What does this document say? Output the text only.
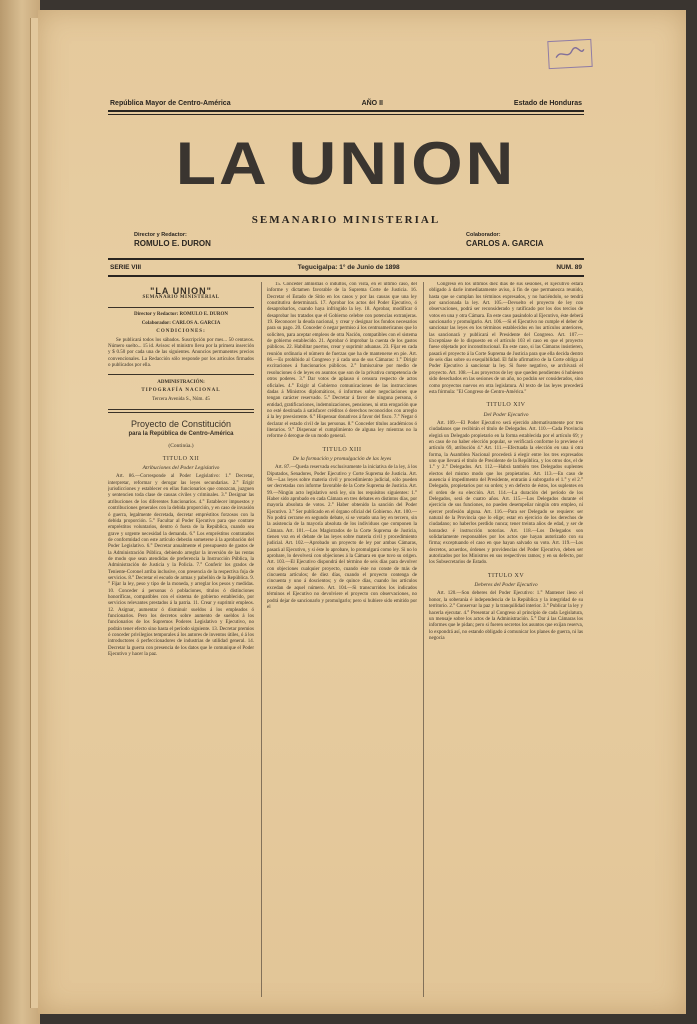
República Mayor de Centro-América	AÑO II	Estado de Honduras
LA UNION
SEMANARIO MINISTERIAL
Director y Redactor:
ROMULO E. DURON
Colaborador:
CARLOS A. GARCIA
SERIE VIII	Tegucigalpa: 1° de Junio de 1898	NUM. 89
"LA UNION"
SEMANARIO MINISTERIAL
Director y Redactor: ROMULO E. DURON
Colaborador: CARLOS A. GARCIA
CONDICIONES:

Se publicará todos los sábados. Suscripción por mes... 50 centavos. Número suelto... 15 id. Avisos: el ministro lleva por la primera inserción y $ 0.50 por cada una de las siguientes. Anuncios permanentes precios convencionales. La Redacción sólo responde por los artículos firmados o publicados por ella.

ADMINISTRACIÓN:
TIPOGRAFÍA NACIONAL
Tercera Avenida S., Núm. 45
Proyecto de Constitución
para la República de Centro-América
(Continúa.)
TITULO XII
Atribuciones del Poder Legislativo

Art. 86.—Corresponde al Poder Legislativo: 1.° Decretar, interpretar, reformar y derogar las leyes secundarias. 2.° Erigir jurisdicciones y establecer en ellas funcionarios que conozcan, juzguen y sentencien toda clase de causas civiles y criminales. 3.° Designar las atribuciones de los diferentes funcionarios. 4.° Establecer impuestos y contribuciones generales con la debida proporción, y en caso de invasión ó guerra, legalmente decretada, decretar empréstitos forzosos con la debida proporción. 5.° Facultar al Poder Ejecutivo para que contrate empréstitos voluntarios, dentro ó fuera de la República, cuando sea grave y urgente necesidad la demanda. 6.° Los empréstitos contratados de conformidad con este artículo deberán someterse á la aprobación del Poder Legislativo. 6.° Decretar anualmente el presupuesto de gastos de la Administración Pública, debiendo arreglar la inversión de las rentas de modo que sean atendidas de preferencia la Instrucción Pública, la Administración de Justicia y la Policía. 7.° Conferir los grados de Teniente-Coronel arriba inclusive, con presencia de la respectiva foja de servicios. 8.° Decretar el escudo de armas y pabellón de la República. 9.° Fijar la ley, peso y tipo de la moneda, y arreglar los pesos y medidas. 10. Conceder á personas ó poblaciones, títulos ó distinciones honoríficas, compatibles con el sistema de gobierno establecido, por servicios relevantes prestados á la patria. 11. Crear y suprimir empleos. 12. Asignar, aumentar ó disminuir sueldos á los empleados ó funcionarios. Pero los decretos sobre aumento de sueldos á los funcionarios de los Supremos Poderes Legislativo y Ejecutivo, no podrán tener efecto sino hasta el período siguiente. 13. Decretar premios ó conceder privilegios temporales á los autores de inventos útiles, ó á los introductores ó perfeccionadores de industrias de utilidad general. 14. Decretar la guerra con presencia de los datos que le comunique el Poder Ejecutivo y hacer la paz.

15. Conceder amnistías ó indultos, con vista, en el último caso, del informe y dictamen favorable de la Suprema Corte de Justicia. 16. Decretar el Estado de Sitio en los casos y por las causas que una ley constitutiva determinará. 17. Aprobar los actos del Poder Ejecutivo, ó desaprobarlos, cuando haya infringido la ley. 18. Aprobar, modificar ó desaprobar los tratados que el Gobierno celebre con potencias extranjeras. 19. Reconocer la deuda nacional, y crear y designar los fondos necesarios para su pago. 20. Conceder ó negar permiso á los centroamericanos que lo soliciten, para aceptar empleos de otra Nación, compatibles con el sistema de gobierno establecido. 21. Aprobar ó improbar la cuenta de los gastos públicos. 22. Habilitar puertos, crear y suprimir aduanas. 23. Fijar en cada reunión ordinaria el número de fuerzas que ha de mantenerse en pie. Art. 86.—Es prohibido al Congreso y á cada una de sus Cámaras: 1.° Dirigir excitaciones á funcionarios públicos. 2.° Inmiscuirse por medio de resoluciones ó de leyes en asuntos que son de la privativa competencia de otros poderes. 3.° Dar votos de aplauso ó censura respecto de actos oficiales. 4.° Exigir al Gobierno comunicaciones de las instrucciones dadas á Ministros diplomáticos, ó informes sobre negociaciones que tengan carácter reservado. 5.° Decretar á favor de ninguna persona, ó entidad, gratificaciones, indemnizaciones, pensiones, ni otra erogación que no esté destinada á satisfacer créditos ó derechos reconocidos con arreglo á la ley preexistente. 6.° Hispensar donativos á favor del fisco. 7.° Negar ó declarar el estado civil de las personas. 8.° Conceder títulos académicos ó literarios. 9.° Dispensar el cumplimiento de alguna ley mientras no la reforme ó derogue de un modo general.

TITULO XIII
De la formación y promulgación de las leyes

Art. 87.—Queda reservada exclusivamente la iniciativa de la ley, á los Diputados, Senadores, Poder Ejecutivo y Corte Suprema de Justicia. Art. 98.—Las leyes sobre materia civil y procedimiento judicial, sólo pueden ser decretadas con informe favorable de la Corte Suprema de Justicia. Art. 99.—Ningún acto legislativo será ley, sin los requisitos siguientes: 1.° Haber sido aprobado en cada Cámara en tres debates en distintos días, por mayoría absoluta de votos. 2.° Haber obtenido la sanción del Poder Ejecutivo. 3.° Ser publicado en el órgano oficial del Gobierno. Art. 100.—No podrá cerrarse en segundo debate, si se votado una ley en tercero, sin la asistencia de la mayoría absoluta de los individuos que componen la Cámara. Art. 101.—Los Magistrados de la Corte Suprema de Justicia, tienen voz en el debate de las leyes sobre materia civil y procedimiento judicial. Art. 102.—Aprobado un proyecto de ley por ambas Cámaras, pasará al Ejecutivo, y si éste lo aprobare, lo promulgará como ley. Si no lo aprobare, lo devolverá con objeciones á la Cámara en que tuvo su origen. Art. 103.—El Ejecutivo dispondrá del término de seis días para devolver con objeciones cualquier proyecto, cuando éste no conste de más de cincuenta artículos; de diez días, cuando el proyecto contenga de cincuenta y uno á doscientos; y de quince días, cuando los artículos excedan de aquel número. Art. 104.—Si transcurridos los indicados términos el Ejecutivo no devolviere el proyecto con observaciones, no podrá dejar de sancionarlo y promulgarlo; pero si hubiere sido emitido por el

Congreso en los últimos diez días de sus sesiones, el Ejecutivo estará obligado á darle inmediatamente aviso, á fin de que permanezca reunido, hasta que se cumplan los términos expresados, y no haciéndolo, se tendrá por sancionada la ley. Art. 105.—Devuelto el proyecto de ley con observaciones, podrá ser reconsiderado y ratificado por los dos tercios de votos en una y otra Cámara. En este caso pasándolo al Ejecutivo, éste deberá sancionarlo y promulgarlo. Art. 106.—Si el Ejecutivo no cumple el deber de sancionar las leyes en los términos establecidos en los artículos anteriores, las sancionará y publicará el Presidente del Congreso. Art. 107.—Exceptúase de lo dispuesto en el artículo 103 el caso en que el proyecto fuese objetado por inconstitucional. En este caso, si las Cámaras insistieren, pasará el proyecto á la Corte Suprema de Justicia para que ella decida dentro de seis días sobre su exequibilidad. El fallo afirmativo de la Corte obliga al Poder Ejecutivo á sancionar la ley. Si fuere negativo, se archivará el proyecto. Art. 108.—Los proyectos de ley que queden pendientes ó hubiesen sido desechados en las sesiones de un año, no podrán ser considerados, sino como proyectos nuevos en otra legislatura. Al texto de las leyes precederá esta fórmula: "El Congreso de Centro-América."

TITULO XIV
Del Poder Ejecutivo

Art. 109.—El Poder Ejecutivo será ejercido alternativamente por tres ciudadanos que recibirán el título de Delegados. Art. 110.—Cada Provincia elegirá un Delegado propietario en la forma establecida por el artículo 69; y en caso de no haber elección popular, se verificará conforme lo previene el artículo 69, atribución 4.ª Art. 111.—Efectuada la elección en una ú otra forma, la Asamblea Nacional procederá á elegir entre los tres expresados uno que llevará el título de Presidente de la República, y los otros dos, el de 1.° y 2.° Delegados. Art. 112.—Habrá también tres Delegados suplentes electos del mismo modo que los propietarios. Art. 113.—En caso de ausencia ó impedimento del Presidente, entrarán á subrogarlo el 1.° y el 2.° Delegado, propietarios por su orden; y en defecto de éstos, los suplentes en el orden de su elección. Art. 114.—La duración del período de los Delegados, será de cuatro años. Art. 115.—Los Delegados durante el ejercicio de sus funciones, no pueden desempeñar ningún otro empleo, ni ejercer profesión alguna. Art. 116.—Para ser Delegado se requiere: ser natural de la Provincia que lo elige; estar en ejercicio de los derechos de ciudadano; no haberlos perdido nunca; tener treinta años de edad, y ser de honradez é instrucción notorias. Art. 118.—Los Delegados son solidariamente responsables por los actos que hayan autorizado con su firma; exceptuando el caso en que hayan salvado su voto. Art. 119.—Los decretos, acuerdos, órdenes y providencias del Poder Ejecutivo, deben ser autorizados por los Ministros en sus respectivos ramos; y en su defecto, por los Subsecretarios de Estado.

TITULO XV
Deberes del Poder Ejecutivo

Art. 120.—Son deberes del Poder Ejecutivo: 1.° Mantener ileso el honor, la soberanía é independencia de la República y la integridad de su territorio. 2.° Conservar la paz y la tranquilidad interior. 3.° Publicar la ley y hacerla ejecutar. 4.° Presentar al Congreso al principio de cada Legislatura, un mensaje sobre los actos de la Administración. 5.° Dar á las Cámaras los informes que le pidan; pero si fueren secretos los asuntos que exijan reserva, lo expondrá así, no estando obligado á comunicar los planes de guerra, ni las negocia
